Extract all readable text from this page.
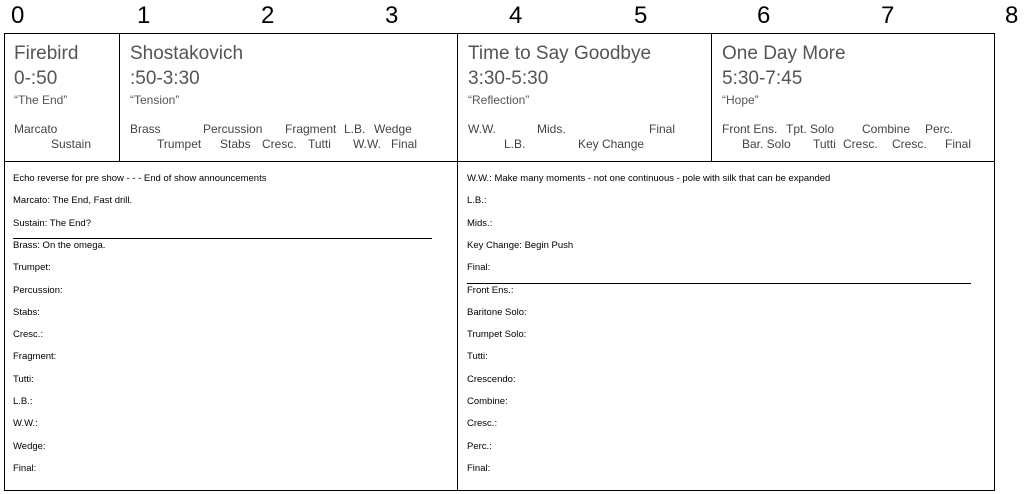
0	1	2	3	4	5	6	7	8
Firebird
0-:50
“The End”
Marcato
Sustain
Shostakovich
:50-3:30
“Tension”
Brass	Percussion Fragment L.B. Wedge
Trumpet Stabs Cresc. Tutti W.W. Final
Time to Say Goodbye
3:30-5:30
“Reflection”
W.W.	Mids.	Final
L.B.	Key Change
One Day More
5:30-7:45
“Hope”
Front Ens. Tpt. Solo Combine Perc.
Bar. Solo Tutti Cresc. Cresc. Final
Echo reverse for pre show - - - End of show announcements
Marcato: The End, Fast drill.
Sustain: The End?
Brass: On the omega.
Trumpet:
Percussion:
Stabs:
Cresc.:
Fragment:
Tutti:
L.B.:
W.W.:
Wedge:
Final:
W.W.: Make many moments - not one continuous - pole with silk that can be expanded
L.B.:
Mids.:
Key Change: Begin Push
Final:
Front Ens.:
Baritone Solo:
Trumpet Solo:
Tutti:
Crescendo:
Combine:
Cresc.:
Perc.:
Final:
